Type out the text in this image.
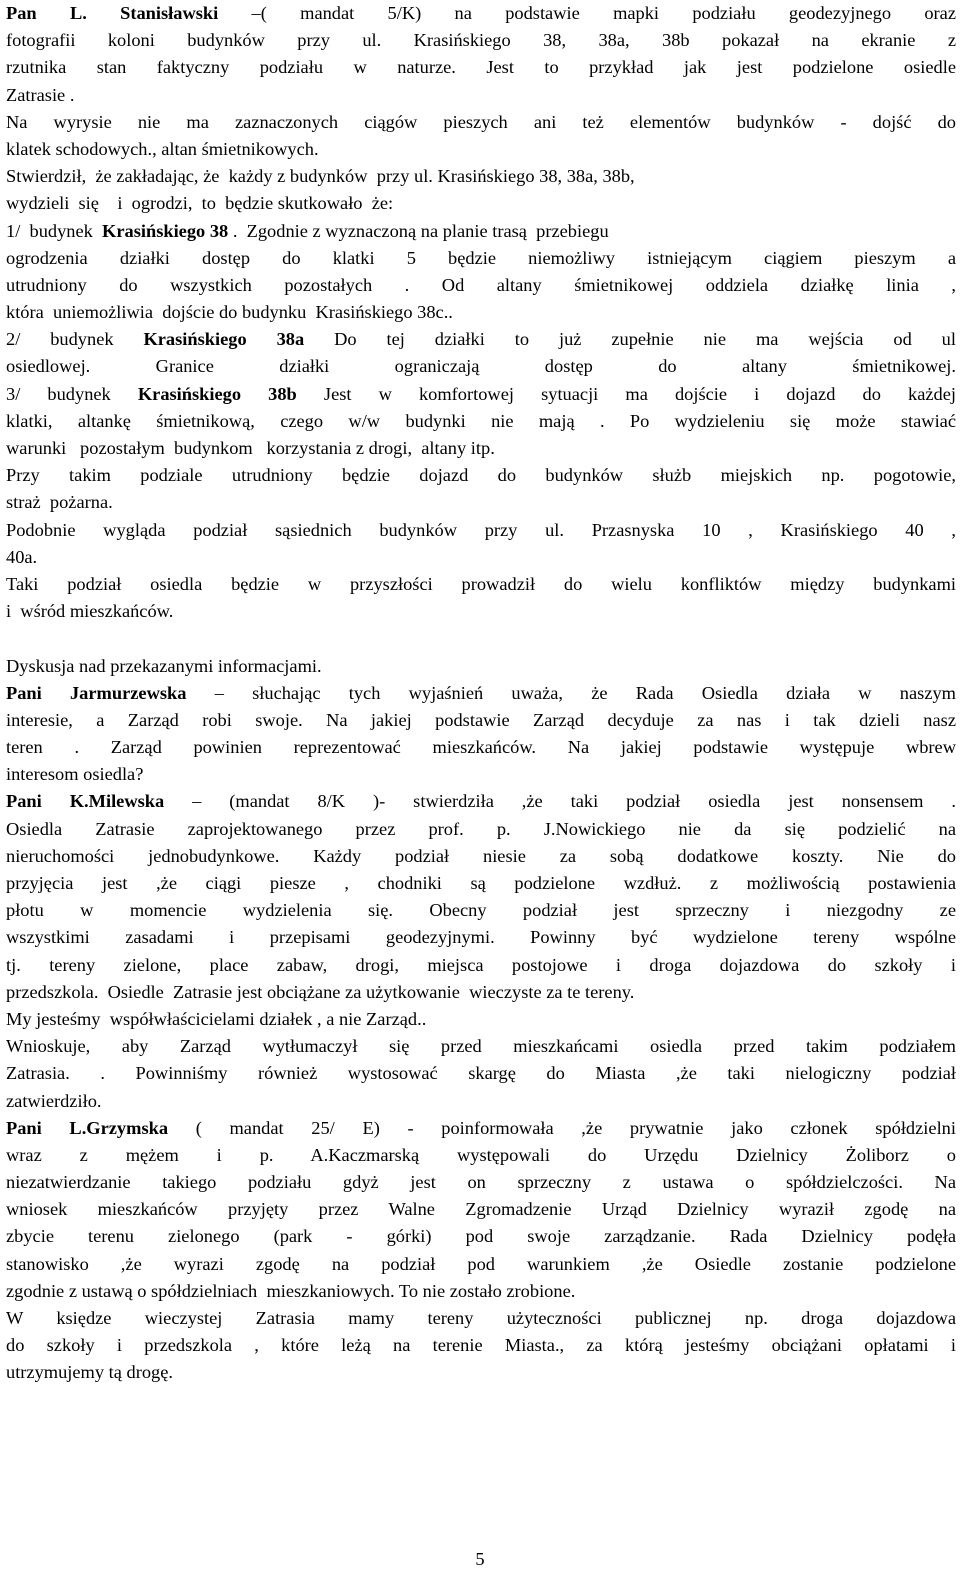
Pan L. Stanisławski –( mandat 5/K) na podstawie mapki podziału geodezyjnego oraz
fotografii koloni budynków przy ul. Krasińskiego 38, 38a, 38b pokazał na ekranie z
rzutnika stan faktyczny podziału w naturze. Jest to przykład jak jest podzielone osiedle
Zatrasie .
Na wyrysie nie ma zaznaczonych ciągów pieszych ani też elementów budynków - dojść do
klatek schodowych., altan śmietnikowych.
Stwierdził,  że zakładając, że  każdy z budynków  przy ul. Krasińskiego 38, 38a, 38b,
wydzieli  się    i  ogrodzi,  to  będzie skutkowało  że:
1/  budynek  Krasińskiego 38 .  Zgodnie z wyznaczoną na planie trasą  przebiegu
ogrodzenia działki dostęp do klatki 5 będzie niemożliwy istniejącym ciągiem pieszym a
utrudniony do wszystkich pozostałych . Od altany śmietnikowej oddziela działkę linia ,
która  uniemożliwia  dojście do budynku  Krasińskiego 38c..
2/ budynek Krasińskiego 38a Do tej działki to już zupełnie nie ma wejścia od ul
osiedlowej. Granice działki ograniczają dostęp do altany śmietnikowej.
3/ budynek Krasińskiego 38b Jest w komfortowej sytuacji ma dojście i dojazd do każdej
klatki, altankę śmietnikową, czego w/w budynki nie mają . Po wydzieleniu się może stawiać
warunki   pozostałym  budynkom   korzystania z drogi,  altany itp.
Przy takim podziale utrudniony będzie dojazd do budynków służb miejskich np. pogotowie,
straż  pożarna.
Podobnie wygląda podział sąsiednich budynków przy ul. Przasnyska 10 , Krasińskiego 40 ,
40a.
Taki podział osiedla będzie w przyszłości prowadził do wielu konfliktów między budynkami
i  wśród mieszkańców.
Dyskusja nad przekazanymi informacjami.
Pani Jarmurzewska – słuchając tych wyjaśnień uważa, że Rada Osiedla działa w naszym
interesie, a Zarząd robi swoje. Na jakiej podstawie Zarząd decyduje za nas i tak dzieli nasz
teren . Zarząd powinien reprezentować mieszkańców. Na jakiej podstawie występuje wbrew
interesom osiedla?
Pani K.Milewska – (mandat 8/K )- stwierdziła ,że taki podział osiedla jest nonsensem .
Osiedla Zatrasie zaprojektowanego przez prof. p. J.Nowickiego nie da się podzielić na
nieruchomości jednobudynkowe. Każdy podział niesie za sobą dodatkowe koszty. Nie do
przyjęcia jest ,że ciągi piesze , chodniki są podzielone wzdłuż. z możliwością postawienia
płotu w momencie wydzielenia się. Obecny podział jest sprzeczny i niezgodny ze
wszystkimi zasadami i przepisami geodezyjnymi. Powinny być wydzielone tereny wspólne
tj. tereny zielone, place zabaw, drogi, miejsca postojowe i droga dojazdowa do szkoły i
przedszkola.  Osiedle  Zatrasie jest obciążane za użytkowanie  wieczyste za te tereny.
My jesteśmy  współwłaścicielami działek , a nie Zarząd..
Wnioskuje, aby Zarząd wytłumaczył się przed mieszkańcami osiedla przed takim podziałem
Zatrasia. . Powinniśmy również wystosować skargę do Miasta ,że taki nielogiczny podział
zatwierdziło.
Pani L.Grzymska ( mandat 25/ E) - poinformowała ,że prywatnie jako członek spółdzielni
wraz z mężem i p. A.Kaczmarską występowali do Urzędu Dzielnicy Żoliborz o
niezatwierdzanie takiego podziału gdyż jest on sprzeczny z ustawa o spółdzielczości. Na
wniosek mieszkańców przyjęty przez Walne Zgromadzenie Urząd Dzielnicy wyraził zgodę na
zbycie terenu zielonego (park - górki) pod swoje zarządzanie. Rada Dzielnicy podęła
stanowisko ,że wyrazi zgodę na podział pod warunkiem ,że Osiedle zostanie podzielone
zgodnie z ustawą o spółdzielniach  mieszkaniowych. To nie zostało zrobione.
W księdze wieczystej Zatrasia mamy tereny użyteczności publicznej np. droga dojazdowa
do szkoły i przedszkola , które leżą na terenie Miasta., za którą jesteśmy obciążani opłatami i
utrzymujemy tą drogę.
5
